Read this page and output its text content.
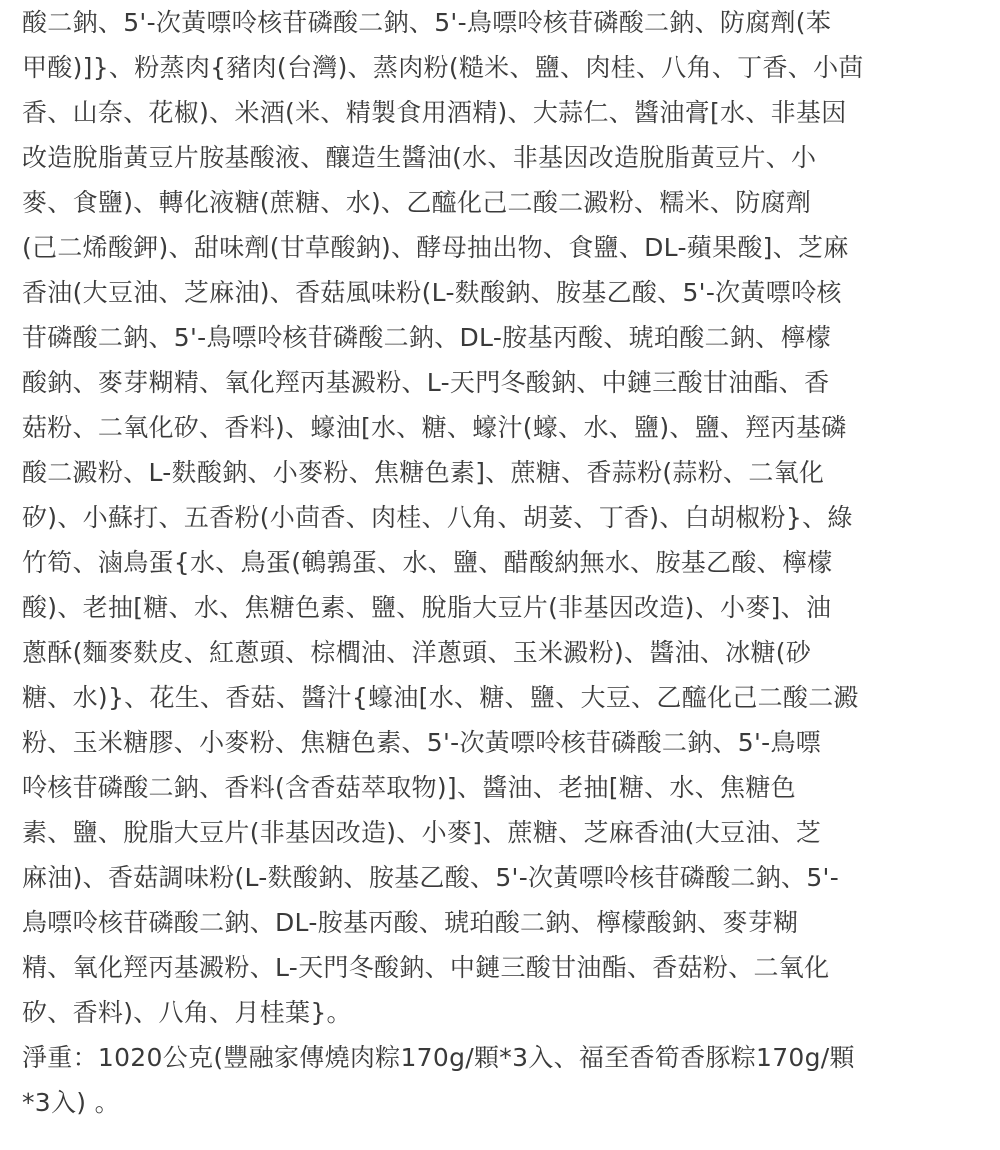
酸二鈉、5'-次黃嘌呤核苷磷酸二鈉、5'-鳥嘌呤核苷磷酸二鈉、防腐劑(苯
甲酸)]}、粉蒸肉{豬肉(台灣)、蒸肉粉(糙米、鹽、肉桂、八角、丁香、小茴
香、山奈、花椒)、米酒(米、精製食用酒精)、大蒜仁、醬油膏[水、非基因
改造脫脂黃豆片胺基酸液、釀造生醬油(水、非基因改造脫脂黃豆片、小
麥、食鹽)、轉化液糖(蔗糖、水)、乙醯化己二酸二澱粉、糯米、防腐劑
(己二烯酸鉀)、甜味劑(甘草酸鈉)、酵母抽出物、食鹽、DL-蘋果酸]、芝麻
香油(大豆油、芝麻油)、香菇風味粉(L-麩酸鈉、胺基乙酸、5'-次黃嘌呤核
苷磷酸二鈉、5'-鳥嘌呤核苷磷酸二鈉、DL-胺基丙酸、琥珀酸二鈉、檸檬
酸鈉、麥芽糊精、氧化羥丙基澱粉、L-天門冬酸鈉、中鏈三酸甘油酯、香
菇粉、二氧化矽、香料)、蠔油[水、糖、蠔汁(蠔、水、鹽)、鹽、羥丙基磷
酸二澱粉、L-麩酸鈉、小麥粉、焦糖色素]、蔗糖、香蒜粉(蒜粉、二氧化
矽)、小蘇打、五香粉(小茴香、肉桂、八角、胡荽、丁香)、白胡椒粉}、綠
竹筍、滷鳥蛋{水、鳥蛋(鵪鶉蛋、水、鹽、醋酸納無水、胺基乙酸、檸檬
酸)、老抽[糖、水、焦糖色素、鹽、脫脂大豆片(非基因改造)、小麥]、油
蔥酥(麵麥麩皮、紅蔥頭、棕櫚油、洋蔥頭、玉米澱粉)、醬油、冰糖(砂
糖、水)}、花生、香菇、醬汁{蠔油[水、糖、鹽、大豆、乙醯化己二酸二澱
粉、玉米糖膠、小麥粉、焦糖色素、5'-次黃嘌呤核苷磷酸二鈉、5'-鳥嘌
呤核苷磷酸二鈉、香料(含香菇萃取物)]、醬油、老抽[糖、水、焦糖色
素、鹽、脫脂大豆片(非基因改造)、小麥]、蔗糖、芝麻香油(大豆油、芝
麻油)、香菇調味粉(L-麩酸鈉、胺基乙酸、5'-次黃嘌呤核苷磷酸二鈉、5'-
鳥嘌呤核苷磷酸二鈉、DL-胺基丙酸、琥珀酸二鈉、檸檬酸鈉、麥芽糊
精、氧化羥丙基澱粉、L-天門冬酸鈉、中鏈三酸甘油酯、香菇粉、二氧化
矽、香料)、八角、月桂葉}。
淨重：1020公克(豐融家傳燒肉粽170g/顆*3入、福至香筍香豚粽170g/顆
*3入) 。
